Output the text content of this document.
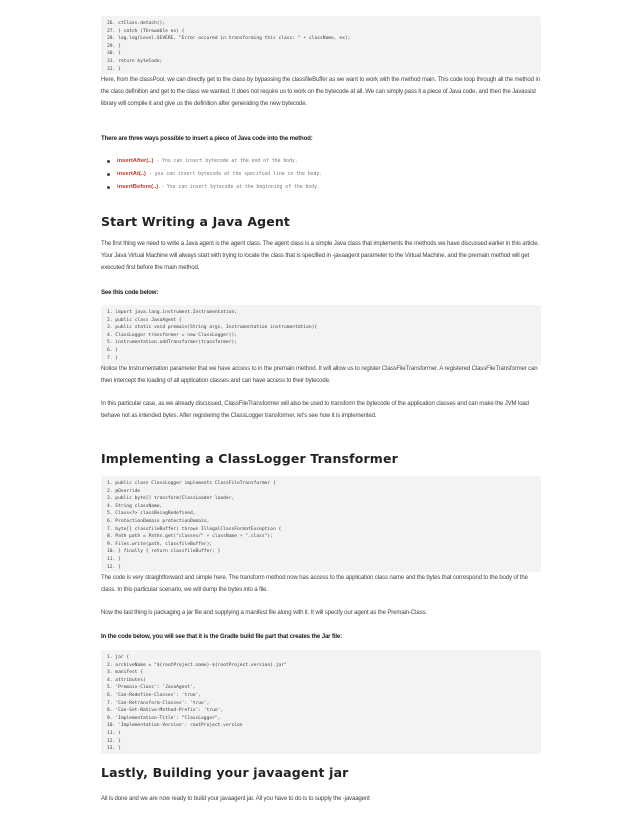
26. ctClass.detach();
27. } catch (Throwable ex) {
28. log.log(Level.SEVERE, "Error occured in transforming this class: " + className, ex);
29. }
30. }
31. return byteCode;
32. }

Here, from the classPool, we can directly get to the class by bypassing the classfileBuffer as we want to work with the method main. This code loop through all the method in the class definition and get to the class we wanted. It does not require us to work on the bytecode at all. We can simply pass it a piece of Java code, and then the Javassist library will compile it and give us the definition after generating the new bytecode.

There are three ways possible to insert a piece of Java code into the method:

insertAfter(..) - You can insert bytecode at the end of the body.
insertAt(..) - you can insert bytecode at the specified line in the body.
insertBefore(..) - You can insert bytecode at the beginning of the body.
Start Writing a Java Agent

The first thing we need to write a Java agent is the agent class. The agent class is a simple Java class that implements the methods we have discussed earlier in this article. Your Java Virtual Machine will always start with trying to locate the class that is specified in -javaagent parameter to the Virtual Machine, and the premain method will get executed first before the main method.

See this code below:

1. import java.lang.instrument.Instrumentation;
2. public class JavaAgent {
3. public static void premain(String args, Instrumentation instrumentation){
4. ClassLogger transformer = new ClassLogger();
5. instrumentation.addTransformer(transformer);
6. }
7. }

Notice the Instrumentation parameter that we have access to in the premain method. It will allow us to register ClassFileTransformer. A registered ClassFileTransformer can then intercept the loading of all application classes and can have access to their bytecode.

In this particular case, as we already discussed, ClassFileTransformer will also be used to transform the bytecode of the application classes and can make the JVM load behave not as intended bytes. After registering the ClassLogger transformer, let's see how it is implemented.

Implementing a ClassLogger Transformer
1. public class ClassLogger implements ClassFileTransformer {
2. @Override
3. public byte[] transform(ClassLoader loader,
4. String className,
5. Class<?> classBeingRedefined,
6. ProtectionDomain protectionDomain,
7. byte[] classfileBuffer) throws IllegalClassFormatException {
8. Path path = Paths.get("classes/" + className + ".class");
9. Files.write(path, classfileBuffer);
10. } finally { return classfileBuffer; }
11. }
12. }

The code is very straightforward and simple here. The transform method now has access to the application class name and the bytes that correspond to the body of the class. In this particular scenario, we will dump the bytes into a file.

Now the last thing is packaging a jar file and supplying a manifest file along with it. It will specify our agent as the Premain-Class.

In the code below, you will see that it is the Gradle build file part that creates the Jar file:

1. jar {
2. archiveName = "${rootProject.name}-${rootProject.version}.jar"
3. manifest {
4. attributes(
5. 'Premain-Class': 'JavaAgent',
6. 'Can-Redefine-Classes': 'true',
7. 'Can-Retransform-Classes': 'true',
8. 'Can-Set-Native-Method-Prefix': 'true',
9. 'Implementation-Title': "ClassLogger",
10. 'Implementation-Version': rootProject.version
11. )
12. }
13. }
Lastly, Building your javaagent jar

All is done and we are now ready to build your javaagent jar. All you have to do is to supply the -javaagent
